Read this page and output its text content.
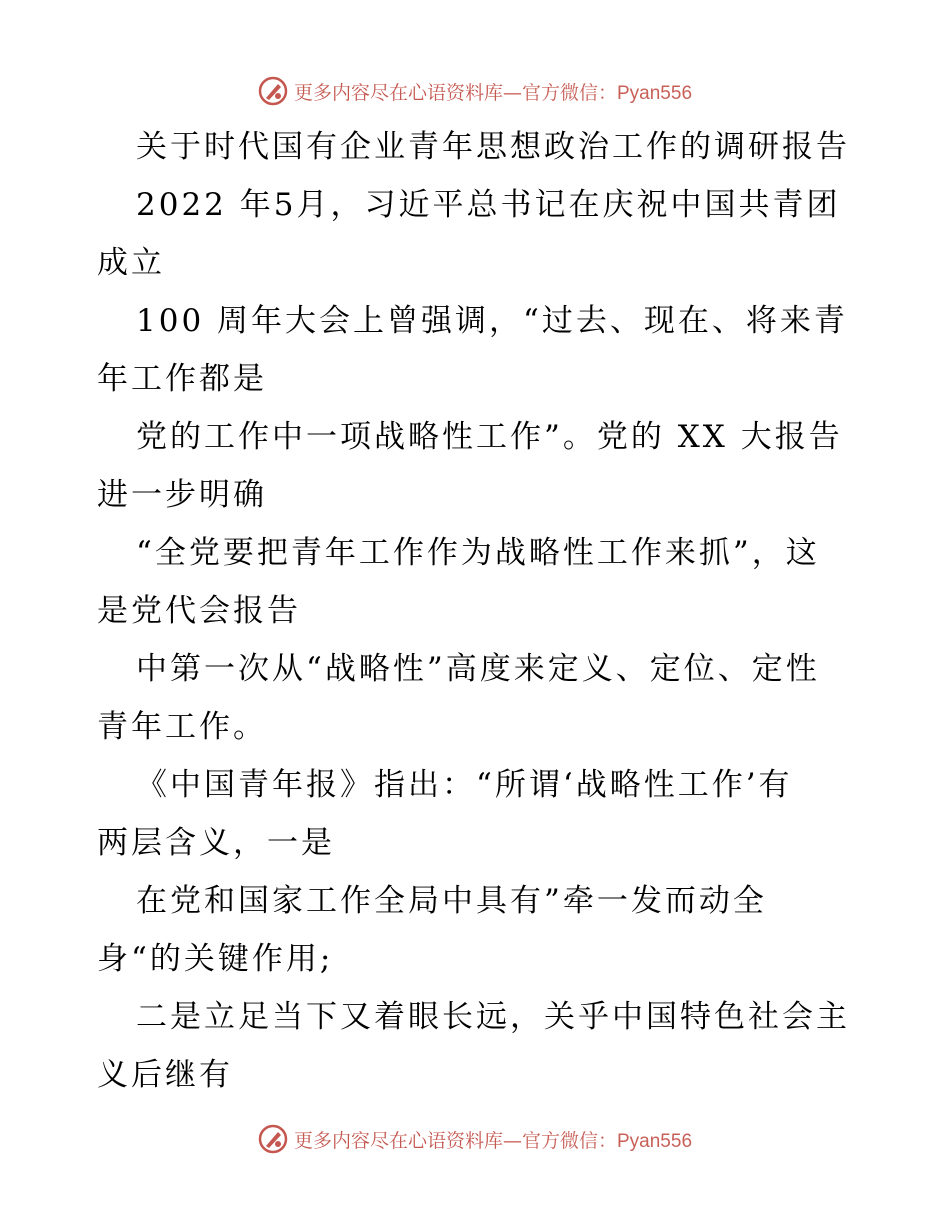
更多内容尽在心语资料库— 官方微信：Pyan556
关于时代国有企业青年思想政治工作的调研报告
2022 年5月，习近平总书记在庆祝中国共青团
成立
100 周年大会上曾强调，“过去、现在、将来青
年工作都是
党的工作中一项战略性工作”。党的 XX 大报告
进一步明确
“全党要把青年工作作为战略性工作来抓”，这
是党代会报告
中第一次从“战略性”高度来定义、定位、定性
青年工作。
《中国青年报》指出：“所谓‘战略性工作’有
两层含义，一是
在党和国家工作全局中具有”牵一发而动全
身“的关键作用;
二是立足当下又着眼长远，关乎中国特色社会主
义后继有
更多内容尽在心语资料库— 官方微信：Pyan556
